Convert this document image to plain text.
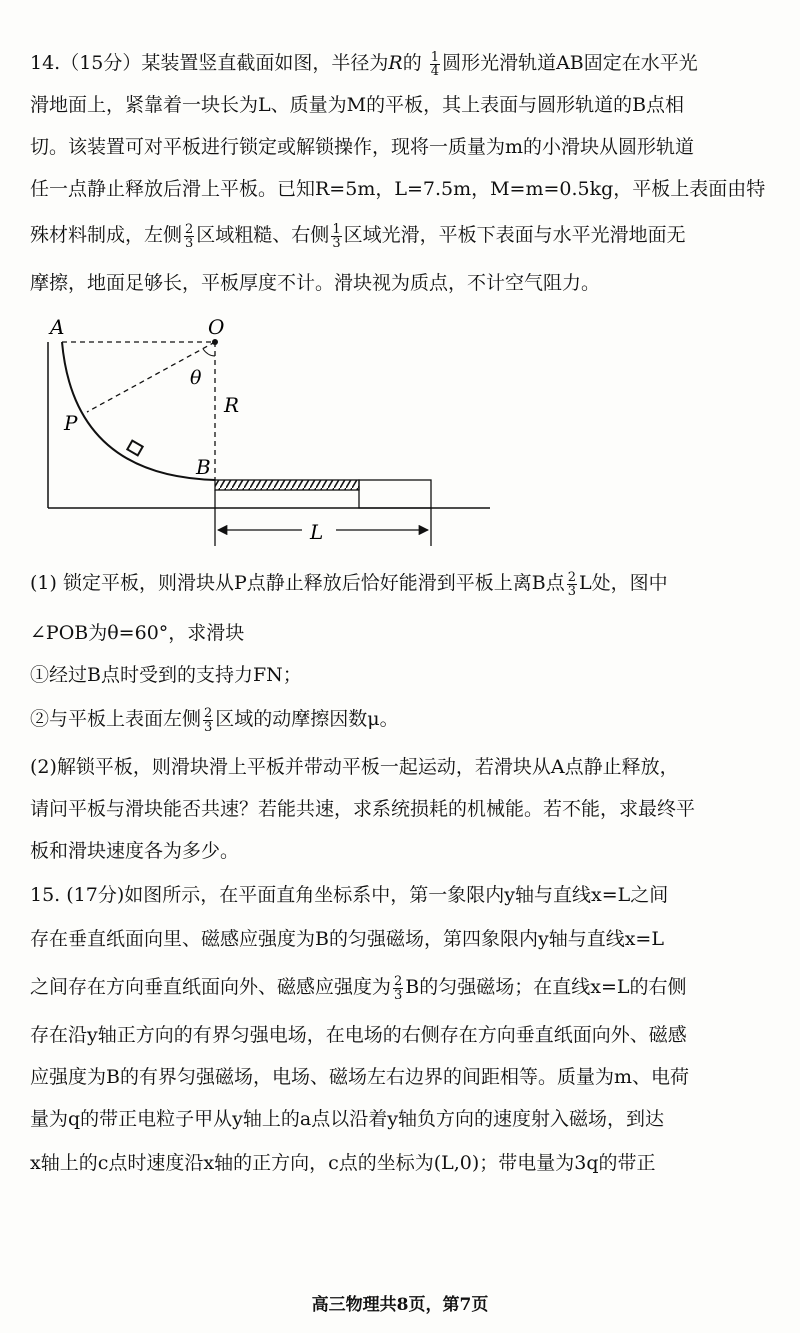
14.（15分）某装置竖直截面如图，半径为R的 $\frac{1}{4}$ 圆形光滑轨道AB固定在水平光
滑地面上，紧靠着一块长为L、质量为M的平板，其上表面与圆形轨道的B点相
切。该装置可对平板进行锁定或解锁操作，现将一质量为m的小滑块从圆形轨道
任一点静止释放后滑上平板。已知R=5m，L=7.5m，M=m=0.5kg，平板上表面由特
殊材料制成，左侧 $\frac{2}{3}$ 区域粗糙、右侧 $\frac{1}{3}$ 区域光滑，平板下表面与水平光滑地面无
摩擦，地面足够长，平板厚度不计。滑块视为质点，不计空气阻力。
A	O
θ
R
P
B
L
(1) 锁定平板，则滑块从P点静止释放后恰好能滑到平板上离B点 $\frac{2}{3}$ L处，图中
∠POB为θ=60°，求滑块
①经过B点时受到的支持力FN；
②与平板上表面左侧 $\frac{2}{3}$ 区域的动摩擦因数μ。
(2)解锁平板，则滑块滑上平板并带动平板一起运动，若滑块从A点静止释放，
请问平板与滑块能否共速？若能共速，求系统损耗的机械能。若不能，求最终平
板和滑块速度各为多少。
15. (17分)如图所示，在平面直角坐标系中，第一象限内y轴与直线x=L之间
存在垂直纸面向里、磁感应强度为B的匀强磁场，第四象限内y轴与直线x=L
之间存在方向垂直纸面向外、磁感应强度为 $\frac{2}{3}$ B的匀强磁场；在直线x=L的右侧
存在沿y轴正方向的有界匀强电场，在电场的右侧存在方向垂直纸面向外、磁感
应强度为B的有界匀强磁场，电场、磁场左右边界的间距相等。质量为m、电荷
量为q的带正电粒子甲从y轴上的a点以沿着y轴负方向的速度射入磁场，到达
x轴上的c点时速度沿x轴的正方向，c点的坐标为(L,0)；带电量为3q的带正
高三物理共8页，第7页
